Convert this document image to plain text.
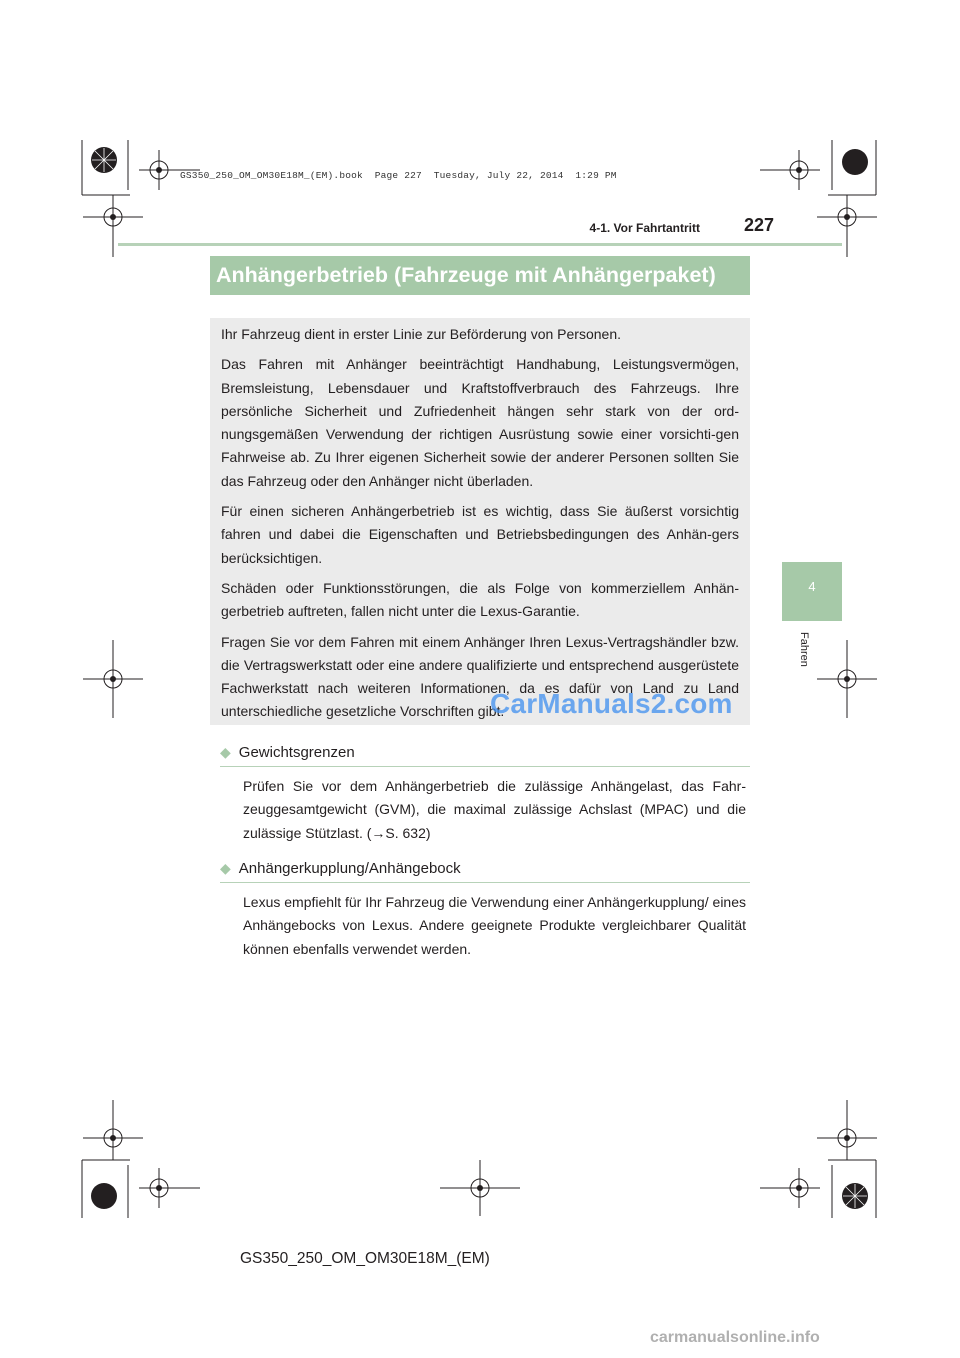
GS350_250_OM_OM30E18M_(EM).book  Page 227  Tuesday, July 22, 2014  1:29 PM
4-1. Vor Fahrtantritt	227
Anhängerbetrieb (Fahrzeuge mit Anhängerpaket)

Ihr Fahrzeug dient in erster Linie zur Beförderung von Personen.

Das Fahren mit Anhänger beeinträchtigt Handhabung, Leistungsvermögen, Bremsleistung, Lebensdauer und Kraftstoffverbrauch des Fahrzeugs. Ihre persönliche Sicherheit und Zufriedenheit hängen sehr stark von der ord-nungsgemäßen Verwendung der richtigen Ausrüstung sowie einer vorsichti-gen Fahrweise ab. Zu Ihrer eigenen Sicherheit sowie der anderer Personen sollten Sie das Fahrzeug oder den Anhänger nicht überladen.

Für einen sicheren Anhängerbetrieb ist es wichtig, dass Sie äußerst vorsichtig fahren und dabei die Eigenschaften und Betriebsbedingungen des Anhän-gers berücksichtigen.

Schäden oder Funktionsstörungen, die als Folge von kommerziellem Anhän-gerbetrieb auftreten, fallen nicht unter die Lexus-Garantie.

Fragen Sie vor dem Fahren mit einem Anhänger Ihren Lexus-Vertragshändler bzw. die Vertragswerkstatt oder eine andere qualifizierte und entsprechend ausgerüstete Fachwerkstatt nach weiteren Informationen, da es dafür von Land zu Land unterschiedliche gesetzliche Vorschriften gibt.

4
Fahren
◆ Gewichtsgrenzen

Prüfen Sie vor dem Anhängerbetrieb die zulässige Anhängelast, das Fahr-zeuggesamtgewicht (GVM), die maximal zulässige Achslast (MPAC) und die zulässige Stützlast. (→S. 632)

◆ Anhängerkupplung/Anhängebock

Lexus empfiehlt für Ihr Fahrzeug die Verwendung einer Anhängerkupplung/ eines Anhängebocks von Lexus. Andere geeignete Produkte vergleichbarer Qualität können ebenfalls verwendet werden.

GS350_250_OM_OM30E18M_(EM)
CarManuals2.com
carmanualsonline.info
